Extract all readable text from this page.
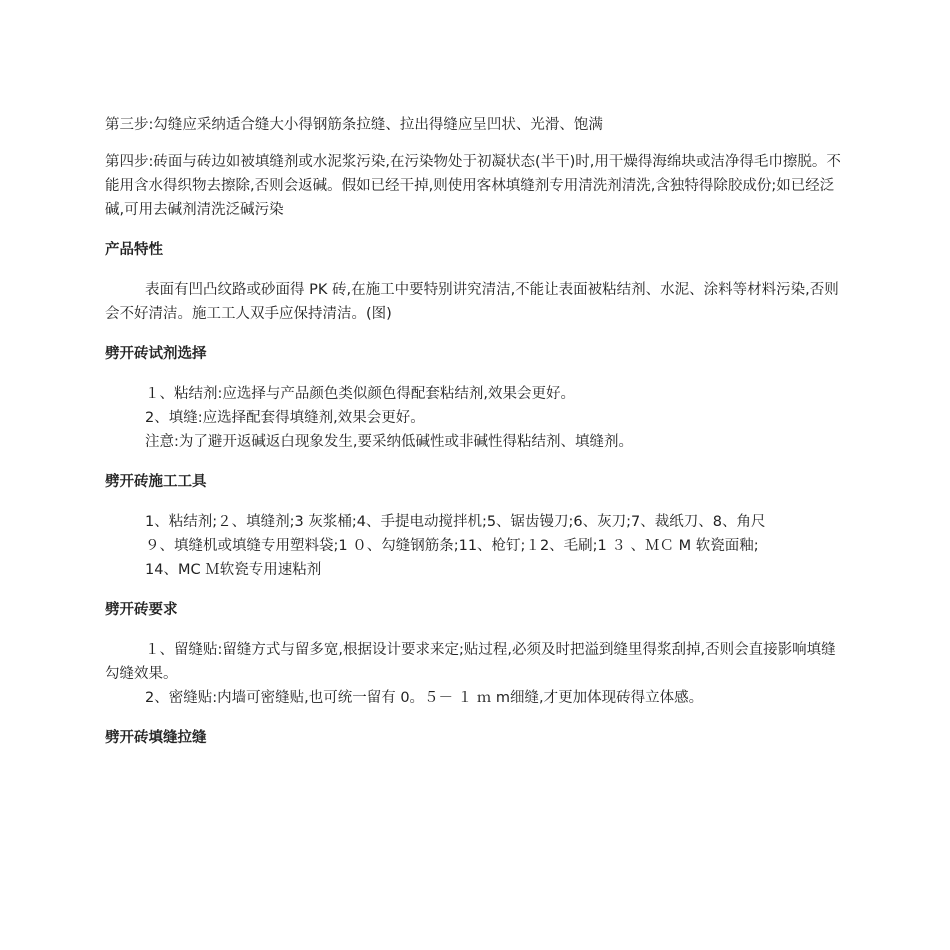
第三步:勾缝应采纳适合缝大小得钢筋条拉缝、拉出得缝应呈凹状、光滑、饱满

第四步:砖面与砖边如被填缝剂或水泥浆污染,在污染物处于初凝状态(半干)时,用干燥得海绵块或洁净得毛巾擦脱。不能用含水得织物去擦除,否则会返碱。假如已经干掉,则使用客林填缝剂专用清洗剂清洗,含独特得除胶成份;如已经泛碱,可用去碱剂清洗泛碱污染

产品特性

表面有凹凸纹路或砂面得 PK 砖,在施工中要特别讲究清洁,不能让表面被粘结剂、水泥、涂料等材料污染,否则会不好清洁。施工工人双手应保持清洁。(图)

劈开砖试剂选择

１、粘结剂:应选择与产品颜色类似颜色得配套粘结剂,效果会更好。

2、填缝:应选择配套得填缝剂,效果会更好。

注意:为了避开返碱返白现象发生,要采纳低碱性或非碱性得粘结剂、填缝剂。

劈开砖施工工具

1、粘结剂;２、填缝剂;3 灰浆桶;4、手提电动搅拌机;5、锯齿镘刀;6、灰刀;7、裁纸刀、8、角尺

９、填缝机或填缝专用塑料袋;1 ０、勾缝钢筋条;11、枪钉;１2、毛刷;1 ３ 、ＭＣ M 软瓷面釉;

14、MC Ｍ软瓷专用速粘剂

劈开砖要求

１、留缝贴:留缝方式与留多宽,根据设计要求来定;贴过程,必须及时把溢到缝里得浆刮掉,否则会直接影响填缝勾缝效果。

2、密缝贴:内墙可密缝贴,也可统一留有 0。５－ １ ｍ m细缝,才更加体现砖得立体感。

劈开砖填缝拉缝
